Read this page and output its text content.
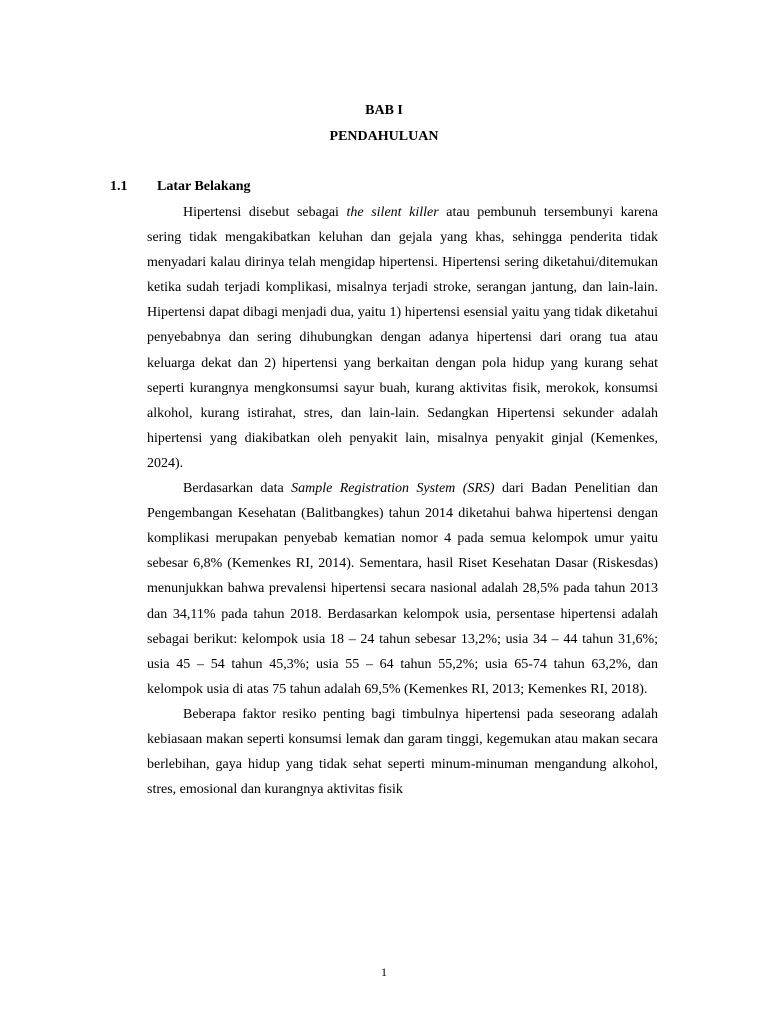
BAB I
PENDAHULUAN
1.1 Latar Belakang

Hipertensi disebut sebagai the silent killer atau pembunuh tersembunyi karena sering tidak mengakibatkan keluhan dan gejala yang khas, sehingga penderita tidak menyadari kalau dirinya telah mengidap hipertensi. Hipertensi sering diketahui/ditemukan ketika sudah terjadi komplikasi, misalnya terjadi stroke, serangan jantung, dan lain-lain. Hipertensi dapat dibagi menjadi dua, yaitu 1) hipertensi esensial yaitu yang tidak diketahui penyebabnya dan sering dihubungkan dengan adanya hipertensi dari orang tua atau keluarga dekat dan 2) hipertensi yang berkaitan dengan pola hidup yang kurang sehat seperti kurangnya mengkonsumsi sayur buah, kurang aktivitas fisik, merokok, konsumsi alkohol, kurang istirahat, stres, dan lain-lain. Sedangkan Hipertensi sekunder adalah hipertensi yang diakibatkan oleh penyakit lain, misalnya penyakit ginjal (Kemenkes, 2024).

Berdasarkan data Sample Registration System (SRS) dari Badan Penelitian dan Pengembangan Kesehatan (Balitbangkes) tahun 2014 diketahui bahwa hipertensi dengan komplikasi merupakan penyebab kematian nomor 4 pada semua kelompok umur yaitu sebesar 6,8% (Kemenkes RI, 2014). Sementara, hasil Riset Kesehatan Dasar (Riskesdas) menunjukkan bahwa prevalensi hipertensi secara nasional adalah 28,5% pada tahun 2013 dan 34,11% pada tahun 2018. Berdasarkan kelompok usia, persentase hipertensi adalah sebagai berikut: kelompok usia 18 – 24 tahun sebesar 13,2%; usia 34 – 44 tahun 31,6%; usia 45 – 54 tahun 45,3%; usia 55 – 64 tahun 55,2%; usia 65-74 tahun 63,2%, dan kelompok usia di atas 75 tahun adalah 69,5% (Kemenkes RI, 2013; Kemenkes RI, 2018).

Beberapa faktor resiko penting bagi timbulnya hipertensi pada seseorang adalah kebiasaan makan seperti konsumsi lemak dan garam tinggi, kegemukan atau makan secara berlebihan, gaya hidup yang tidak sehat seperti minum-minuman mengandung alkohol, stres, emosional dan kurangnya aktivitas fisik

1
